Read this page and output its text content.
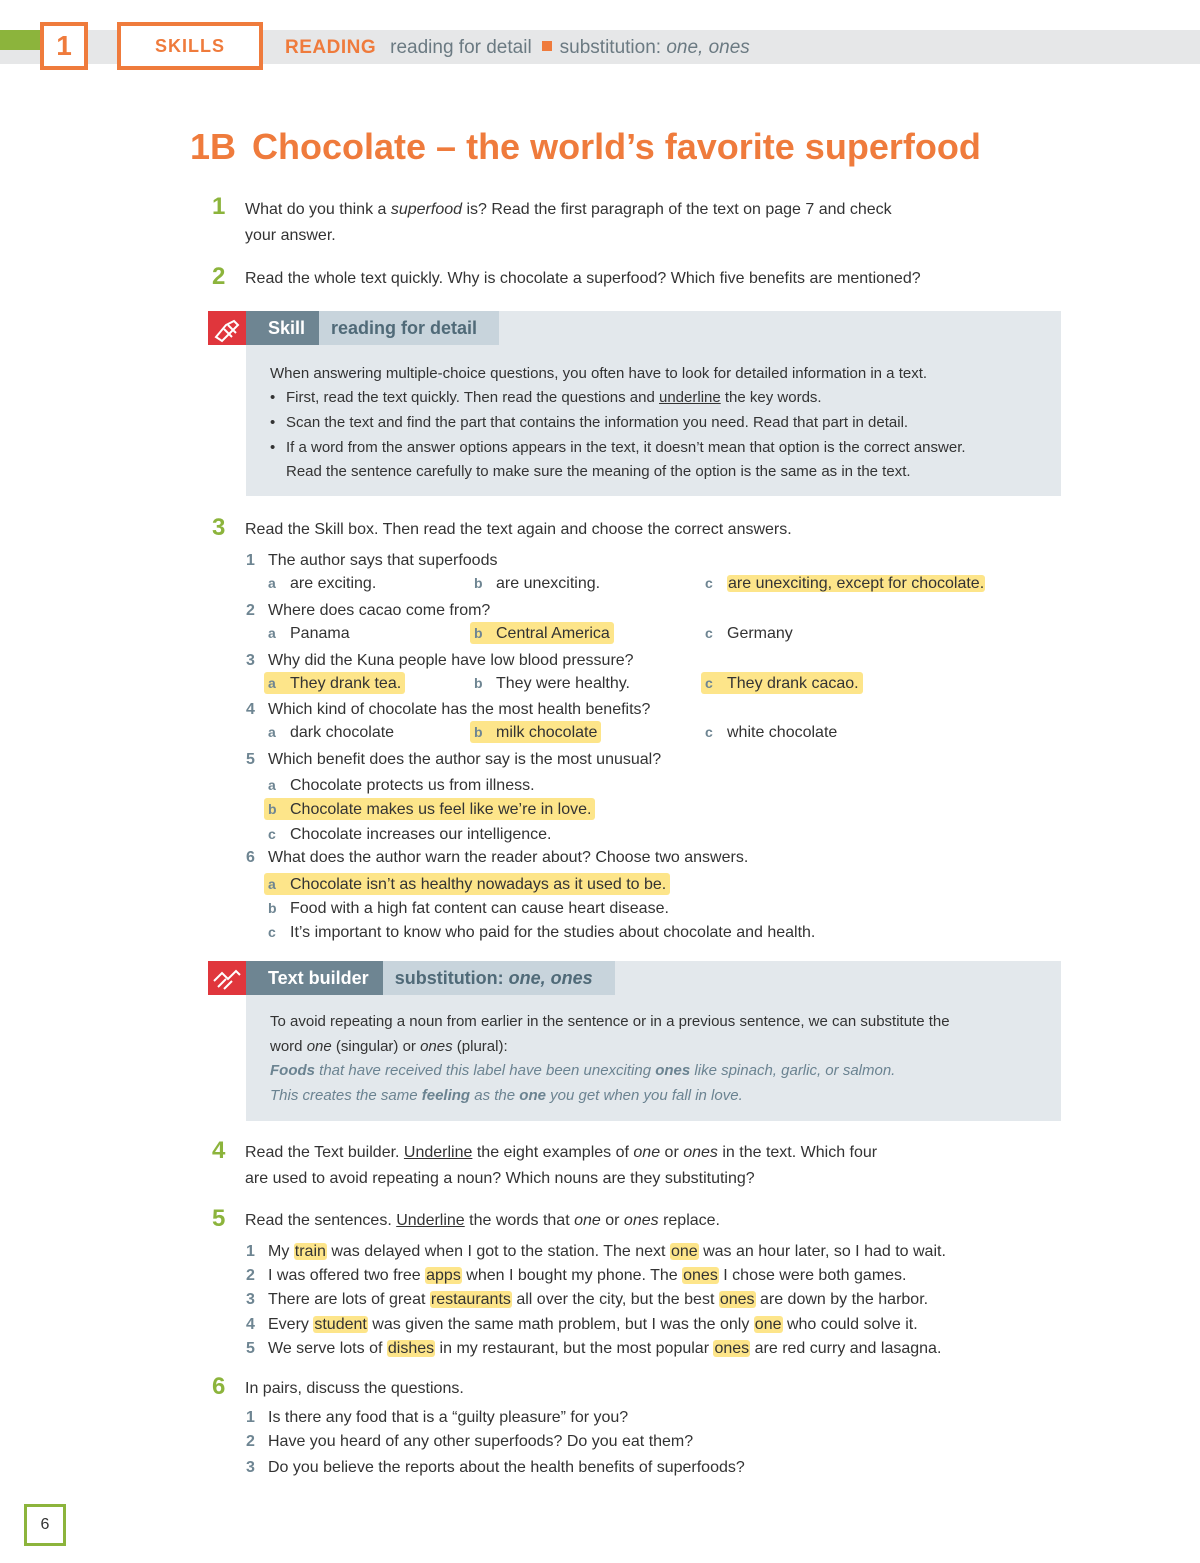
1	SKILLS	READING reading for detail substitution: one, ones
1B Chocolate – the world’s favorite superfood
1 What do you think a superfood is? Read the first paragraph of the text on page 7 and check
your answer.
2 Read the whole text quickly. Why is chocolate a superfood? Which five benefits are mentioned?
Skill	reading for detail
When answering multiple-choice questions, you often have to look for detailed information in a text.
• First, read the text quickly. Then read the questions and underline the key words.
• Scan the text and find the part that contains the information you need. Read that part in detail.
• If a word from the answer options appears in the text, it doesn’t mean that option is the correct answer.
Read the sentence carefully to make sure the meaning of the option is the same as in the text.
3 Read the Skill box. Then read the text again and choose the correct answers.
1 The author says that superfoods
a are exciting.	b are unexciting.	c are unexciting, except for chocolate.
2 Where does cacao come from?
a Panama	b Central America	c Germany
3 Why did the Kuna people have low blood pressure?
a They drank tea.	b They were healthy.	c They drank cacao.
4 Which kind of chocolate has the most health benefits?
a dark chocolate	b milk chocolate	c white chocolate
5 Which benefit does the author say is the most unusual?
a Chocolate protects us from illness.
b Chocolate makes us feel like we’re in love.
c Chocolate increases our intelligence.
6 What does the author warn the reader about? Choose two answers.
a Chocolate isn’t as healthy nowadays as it used to be.
b Food with a high fat content can cause heart disease.
c It’s important to know who paid for the studies about chocolate and health.
Text builder	substitution: one, ones
To avoid repeating a noun from earlier in the sentence or in a previous sentence, we can substitute the
word one (singular) or ones (plural):
Foods that have received this label have been unexciting ones like spinach, garlic, or salmon.
This creates the same feeling as the one you get when you fall in love.
4 Read the Text builder. Underline the eight examples of one or ones in the text. Which four
are used to avoid repeating a noun? Which nouns are they substituting?
5 Read the sentences. Underline the words that one or ones replace.
1 My train was delayed when I got to the station. The next one was an hour later, so I had to wait.
2 I was offered two free apps when I bought my phone. The ones I chose were both games.
3 There are lots of great restaurants all over the city, but the best ones are down by the harbor.
4 Every student was given the same math problem, but I was the only one who could solve it.
5 We serve lots of dishes in my restaurant, but the most popular ones are red curry and lasagna.
6 In pairs, discuss the questions.
1 Is there any food that is a “guilty pleasure” for you?
2 Have you heard of any other superfoods? Do you eat them?
3 Do you believe the reports about the health benefits of superfoods?
6
